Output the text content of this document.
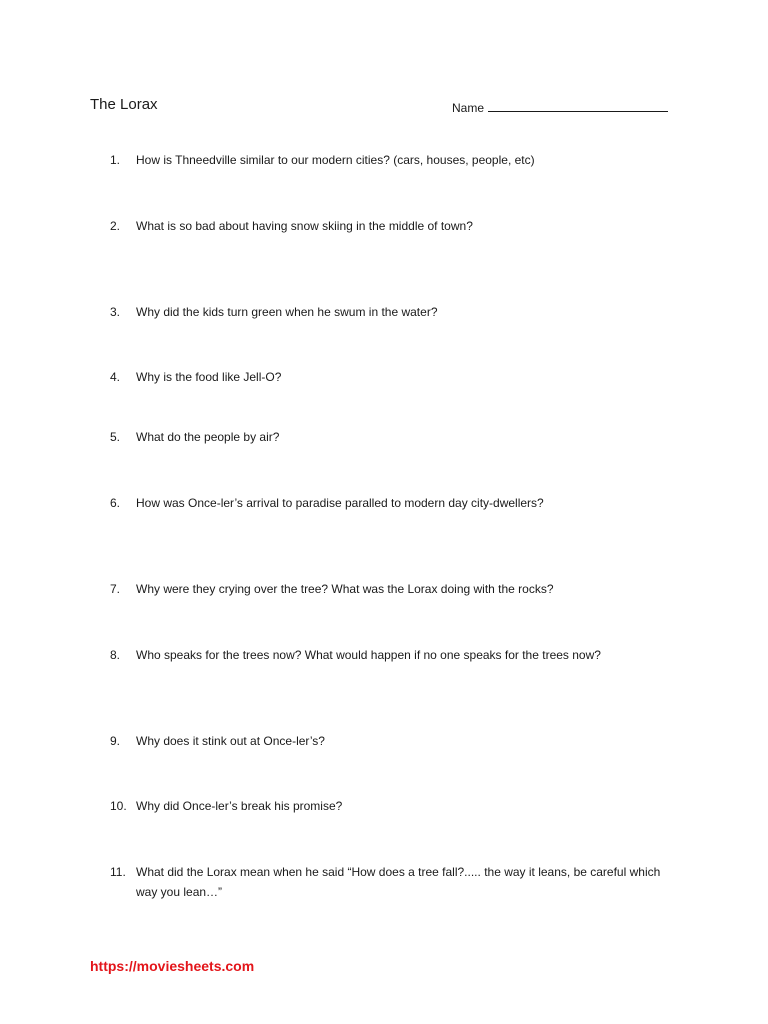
The Lorax	Name
1.	How is Thneedville similar to our modern cities? (cars, houses, people, etc)
2.	What is so bad about having snow skiing in the middle of town?
3.	Why did the kids turn green when he swum in the water?
4.	Why is the food like Jell-O?
5.	What do the people by air?
6.	How was Once-ler’s arrival to paradise paralled to modern day city-dwellers?
7.	Why were they crying over the tree? What was the Lorax doing with the rocks?
8.	Who speaks for the trees now? What would happen if no one speaks for the trees now?
9.	Why does it stink out at Once-ler’s?
10. Why did Once-ler’s break his promise?
11. What did the Lorax mean when he said “How does a tree fall?..... the way it leans, be careful which way you lean…”
https://moviesheets.com
